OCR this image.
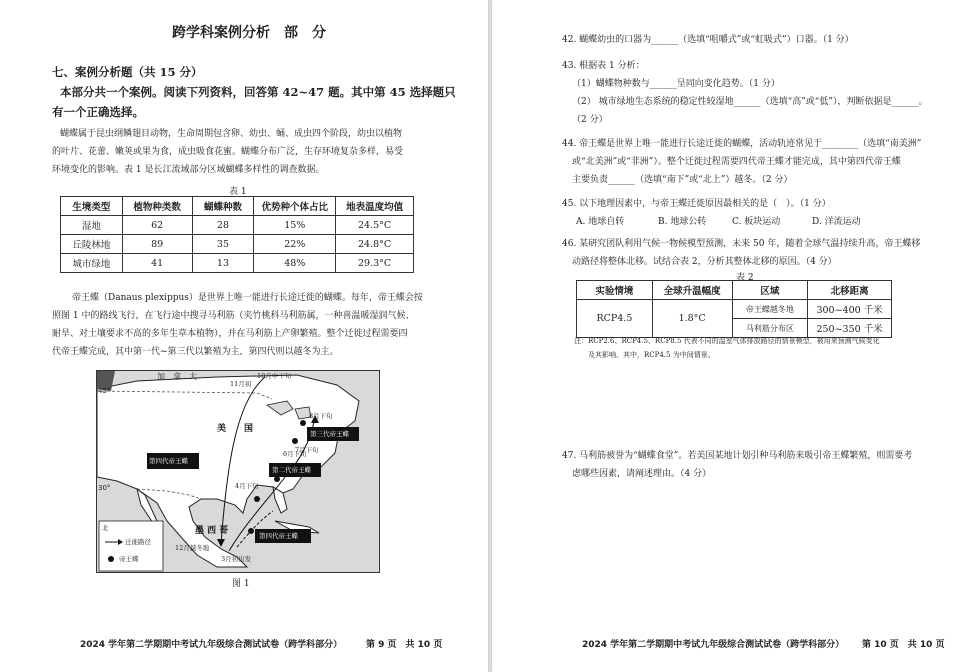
跨学科案例分析　部　分
七、案例分析题（共 15 分）
本部分共一个案例。阅读下列资料，回答第 42~47 题。其中第 45 选择题只
有一个正确选择。
蝴蝶属于昆虫纲鳞翅目动物，生命周期包含卵、幼虫、蛹、成虫四个阶段，幼虫以植物
的叶片、花蕾、嫩荚或果为食，成虫吸食花蜜。蝴蝶分布广泛，生存环境复杂多样，易受
环境变化的影响。表 1 是长江流域部分区域蝴蝶多样性的调查数据。
表 1
生境类型	植物种类数	蝴蝶种数	优势种个体占比	地表温度均值
湿地	62	28	15%	24.5°C
丘陵林地	89	35	22%	24.8°C
城市绿地	41	13	48%	29.3°C
帝王蝶（Danaus plexippus）是世界上唯一能进行长途迁徙的蝴蝶。每年，帝王蝶会按
照图 1 中的路线飞行，在飞行途中搜寻马利筋（夹竹桃科马利筋属，一种喜温暖湿润气候、
耐旱、对土壤要求不高的多年生草本植物），并在马利筋上产卵繁殖。整个迁徙过程需要四
代帝王蝶完成，其中第一代~第三代以繁殖为主，第四代则以越冬为主。
45°
30°
加　拿　大
美　　国
墨 西 哥
10月中下旬
11月初
8月下旬
7月下旬
6月下旬
4月下旬
12月越冬地
3月初出发
第四代帝王蝶
第三代帝王蝶
第二代帝王蝶
第四代帝王蝶
北
迁徙路径
帝王蝶
图 1
2024 学年第二学期期中考试九年级综合测试试卷（跨学科部分）	第 9 页　共 10 页
42. 蝴蝶幼虫的口器为______（选填“咀嚼式”或“虹吸式”）口器。（1 分）
43. 根据表 1 分析：
（1）蝴蝶物种数与______呈同向变化趋势。（1 分）
（2） 城市绿地生态系统的稳定性较湿地______（选填“高”或“低”），判断依据是______。
（2 分）
44. 帝王蝶是世界上唯一能进行长途迁徙的蝴蝶，活动轨迹常见于________（选填“南美洲”
或“北美洲”或“非洲”）。整个迁徙过程需要四代帝王蝶才能完成，其中第四代帝王蝶
主要负责______（选填“南下”或“北上”）越冬。（2 分）
45. 以下地理因素中，与帝王蝶迁徙原因最相关的是（　）。（1 分）
A. 地球自转	B. 地球公转	C. 板块运动	D. 洋流运动
46. 某研究团队利用气候一物候模型预测，未来 50 年，随着全球气温持续升高，帝王蝶移
动路径将整体北移。试结合表 2，分析其整体北移的原因。（4 分）
表 2
实验情境	全球升温幅度	区域	北移距离
RCP4.5	1.8°C	帝王蝶越冬地	300~400 千米
		马利筋分布区	250~350 千米
注：RCP2.6、RCP4.5、RCP8.5 代表不同的温室气体排放路径的情景模型，被用来预测气候变化
及其影响。其中，RCP4.5 为中间情景。
47. 马利筋被誉为“蝴蝶食堂”。若美国某地计划引种马利筋来吸引帝王蝶繁殖，则需要考
虑哪些因素，请阐述理由。（4 分）
2024 学年第二学期期中考试九年级综合测试试卷（跨学科部分） 第 10 页　共 10 页
